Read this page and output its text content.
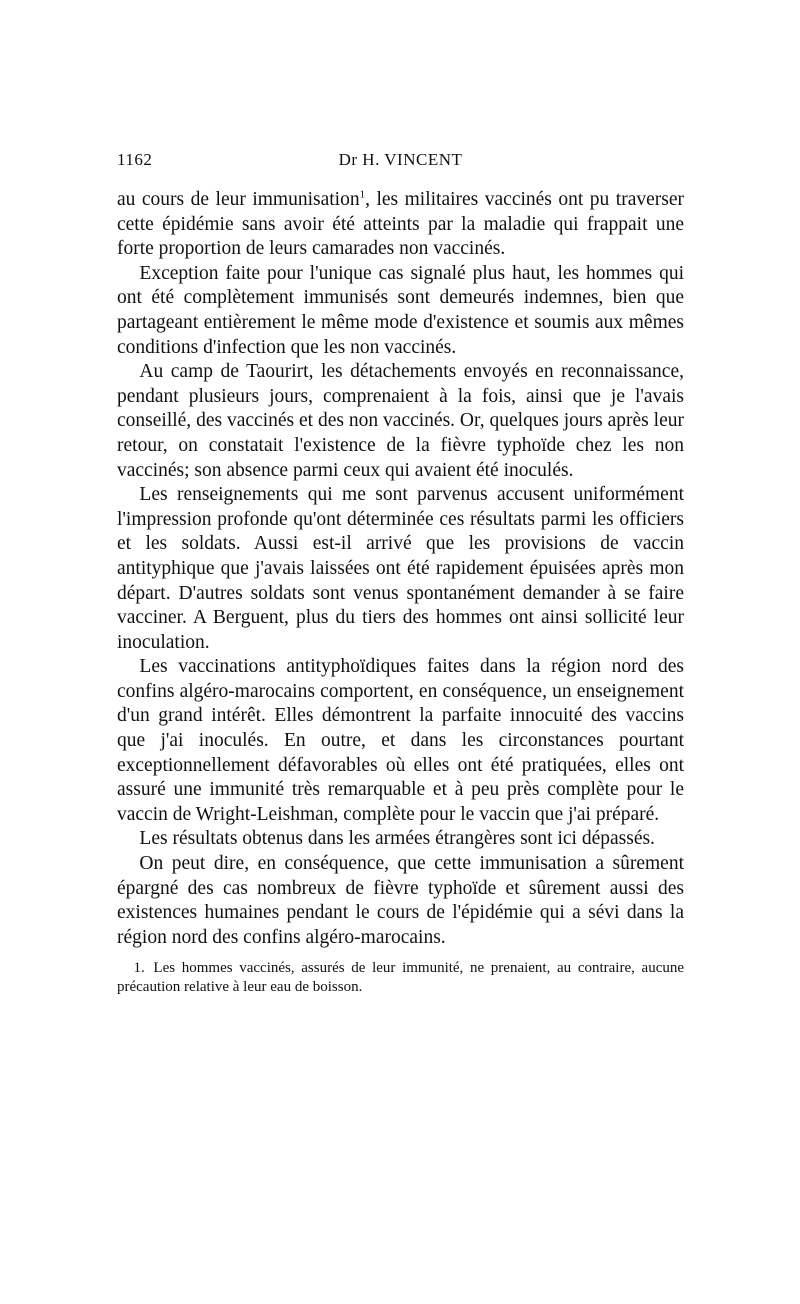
1162	Dr H. VINCENT

au cours de leur immunisation$^1$, les militaires vaccinés ont pu traverser cette épidémie sans avoir été atteints par la maladie qui frappait une forte proportion de leurs camarades non vaccinés.

Exception faite pour l'unique cas signalé plus haut, les hommes qui ont été complètement immunisés sont demeurés indemnes, bien que partageant entièrement le même mode d'existence et soumis aux mêmes conditions d'infection que les non vaccinés.

Au camp de Taourirt, les détachements envoyés en reconnaissance, pendant plusieurs jours, comprenaient à la fois, ainsi que je l'avais conseillé, des vaccinés et des non vaccinés. Or, quelques jours après leur retour, on constatait l'existence de la fièvre typhoïde chez les non vaccinés; son absence parmi ceux qui avaient été inoculés.

Les renseignements qui me sont parvenus accusent uniformément l'impression profonde qu'ont déterminée ces résultats parmi les officiers et les soldats. Aussi est-il arrivé que les provisions de vaccin antityphique que j'avais laissées ont été rapidement épuisées après mon départ. D'autres soldats sont venus spontanément demander à se faire vacciner. A Berguent, plus du tiers des hommes ont ainsi sollicité leur inoculation.

Les vaccinations antityphoïdiques faites dans la région nord des confins algéro-marocains comportent, en conséquence, un enseignement d'un grand intérêt. Elles démontrent la parfaite innocuité des vaccins que j'ai inoculés. En outre, et dans les circonstances pourtant exceptionnellement défavorables où elles ont été pratiquées, elles ont assuré une immunité très remarquable et à peu près complète pour le vaccin de Wright-Leishman, complète pour le vaccin que j'ai préparé.

Les résultats obtenus dans les armées étrangères sont ici dépassés.

On peut dire, en conséquence, que cette immunisation a sûrement épargné des cas nombreux de fièvre typhoïde et sûrement aussi des existences humaines pendant le cours de l'épidémie qui a sévi dans la région nord des confins algéro-marocains.

1. Les hommes vaccinés, assurés de leur immunité, ne prenaient, au contraire, aucune précaution relative à leur eau de boisson.
